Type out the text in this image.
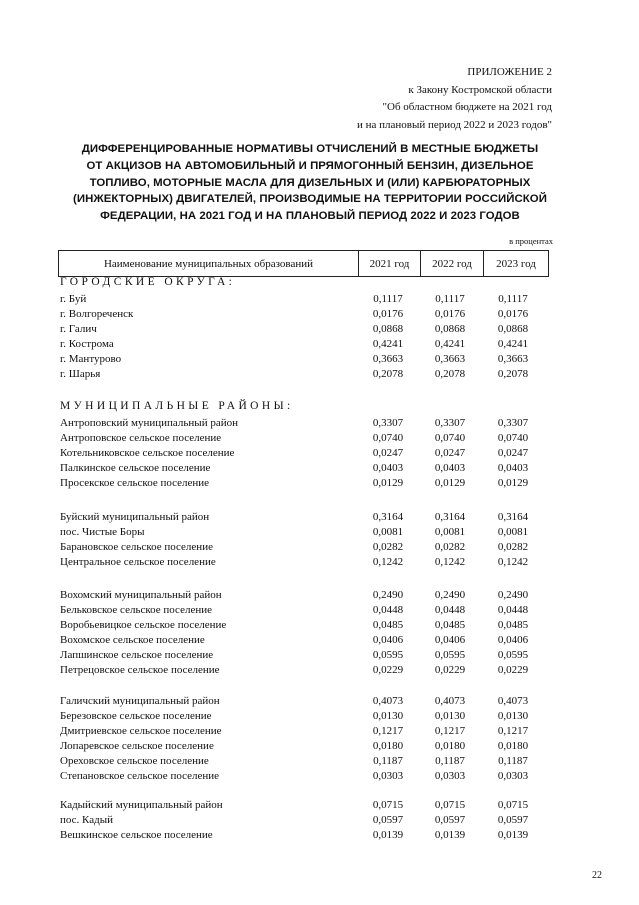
ПРИЛОЖЕНИЕ 2
к Закону Костромской области
"Об областном бюджете на 2021 год
и на плановый период 2022 и 2023 годов"
ДИФФЕРЕНЦИРОВАННЫЕ НОРМАТИВЫ ОТЧИСЛЕНИЙ В МЕСТНЫЕ БЮДЖЕТЫ
ОТ АКЦИЗОВ НА АВТОМОБИЛЬНЫЙ И ПРЯМОГОННЫЙ БЕНЗИН, ДИЗЕЛЬНОЕ
ТОПЛИВО, МОТОРНЫЕ МАСЛА ДЛЯ ДИЗЕЛЬНЫХ И (ИЛИ) КАРБЮРАТОРНЫХ
(ИНЖЕКТОРНЫХ) ДВИГАТЕЛЕЙ, ПРОИЗВОДИМЫЕ НА ТЕРРИТОРИИ РОССИЙСКОЙ
ФЕДЕРАЦИИ, НА 2021 ГОД И НА ПЛАНОВЫЙ ПЕРИОД 2022 И 2023 ГОДОВ
в процентах
Наименование муниципальных образований	2021 год	2022 год	2023 год
ГОРОДСКИЕ ОКРУГА:
МУНИЦИПАЛЬНЫЕ РАЙОНЫ:
г. Буй	0,1117	0,1117	0,1117
г. Волгореченск	0,0176	0,0176	0,0176
г. Галич	0,0868	0,0868	0,0868
г. Кострома	0,4241	0,4241	0,4241
г. Мантурово	0,3663	0,3663	0,3663
г. Шарья	0,2078	0,2078	0,2078
Антроповский муниципальный район	0,3307	0,3307	0,3307
Антроповское сельское поселение	0,0740	0,0740	0,0740
Котельниковское сельское поселение	0,0247	0,0247	0,0247
Палкинское сельское поселение	0,0403	0,0403	0,0403
Просекское сельское поселение	0,0129	0,0129	0,0129
Буйский муниципальный район	0,3164	0,3164	0,3164
пос. Чистые Боры	0,0081	0,0081	0,0081
Барановское сельское поселение	0,0282	0,0282	0,0282
Центральное сельское поселение	0,1242	0,1242	0,1242
Вохомский муниципальный район	0,2490	0,2490	0,2490
Бельковское сельское поселение	0,0448	0,0448	0,0448
Воробьевицкое сельское поселение	0,0485	0,0485	0,0485
Вохомское сельское поселение	0,0406	0,0406	0,0406
Лапшинское сельское поселение	0,0595	0,0595	0,0595
Петрецовское сельское поселение	0,0229	0,0229	0,0229
Галичский муниципальный район	0,4073	0,4073	0,4073
Березовское сельское поселение	0,0130	0,0130	0,0130
Дмитриевское сельское поселение	0,1217	0,1217	0,1217
Лопаревское сельское поселение	0,0180	0,0180	0,0180
Ореховское сельское поселение	0,1187	0,1187	0,1187
Степановское сельское поселение	0,0303	0,0303	0,0303
Кадыйский муниципальный район	0,0715	0,0715	0,0715
пос. Кадый	0,0597	0,0597	0,0597
Вешкинское сельское поселение	0,0139	0,0139	0,0139
22
